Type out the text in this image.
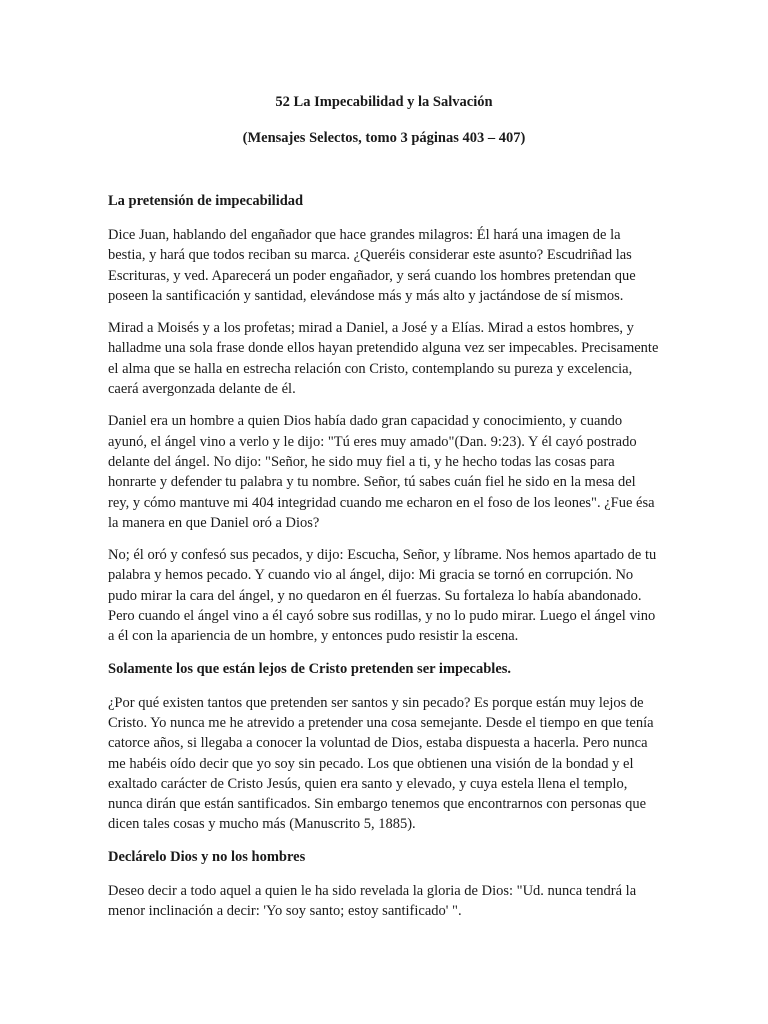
52 La Impecabilidad y la Salvación
(Mensajes Selectos, tomo 3 páginas 403 – 407)
La pretensión de impecabilidad

Dice Juan, hablando del engañador que hace grandes milagros: Él hará una imagen de la bestia, y hará que todos reciban su marca. ¿Queréis considerar este asunto? Escudriñad las Escrituras, y ved. Aparecerá un poder engañador, y será cuando los hombres pretendan que poseen la santificación y santidad, elevándose más y más alto y jactándose de sí mismos.

Mirad a Moisés y a los profetas; mirad a Daniel, a José y a Elías. Mirad a estos hombres, y halladme una sola frase donde ellos hayan pretendido alguna vez ser impecables. Precisamente el alma que se halla en estrecha relación con Cristo, contemplando su pureza y excelencia, caerá avergonzada delante de él.

Daniel era un hombre a quien Dios había dado gran capacidad y conocimiento, y cuando ayunó, el ángel vino a verlo y le dijo: "Tú eres muy amado"(Dan. 9:23). Y él cayó postrado delante del ángel. No dijo: "Señor, he sido muy fiel a ti, y he hecho todas las cosas para honrarte y defender tu palabra y tu nombre. Señor, tú sabes cuán fiel he sido en la mesa del rey, y cómo mantuve mi 404 integridad cuando me echaron en el foso de los leones". ¿Fue ésa la manera en que Daniel oró a Dios?

No; él oró y confesó sus pecados, y dijo: Escucha, Señor, y líbrame. Nos hemos apartado de tu palabra y hemos pecado. Y cuando vio al ángel, dijo: Mi gracia se tornó en corrupción. No pudo mirar la cara del ángel, y no quedaron en él fuerzas. Su fortaleza lo había abandonado. Pero cuando el ángel vino a él cayó sobre sus rodillas, y no lo pudo mirar. Luego el ángel vino a él con la apariencia de un hombre, y entonces pudo resistir la escena.

Solamente los que están lejos de Cristo pretenden ser impecables.

¿Por qué existen tantos que pretenden ser santos y sin pecado? Es porque están muy lejos de Cristo. Yo nunca me he atrevido a pretender una cosa semejante. Desde el tiempo en que tenía catorce años, si llegaba a conocer la voluntad de Dios, estaba dispuesta a hacerla. Pero nunca me habéis oído decir que yo soy sin pecado. Los que obtienen una visión de la bondad y el exaltado carácter de Cristo Jesús, quien era santo y elevado, y cuya estela llena el templo, nunca dirán que están santificados. Sin embargo tenemos que encontrarnos con personas que dicen tales cosas y mucho más (Manuscrito 5, 1885).

Declárelo Dios y no los hombres

Deseo decir a todo aquel a quien le ha sido revelada la gloria de Dios: "Ud. nunca tendrá la menor inclinación a decir: 'Yo soy santo; estoy santificado' ".
